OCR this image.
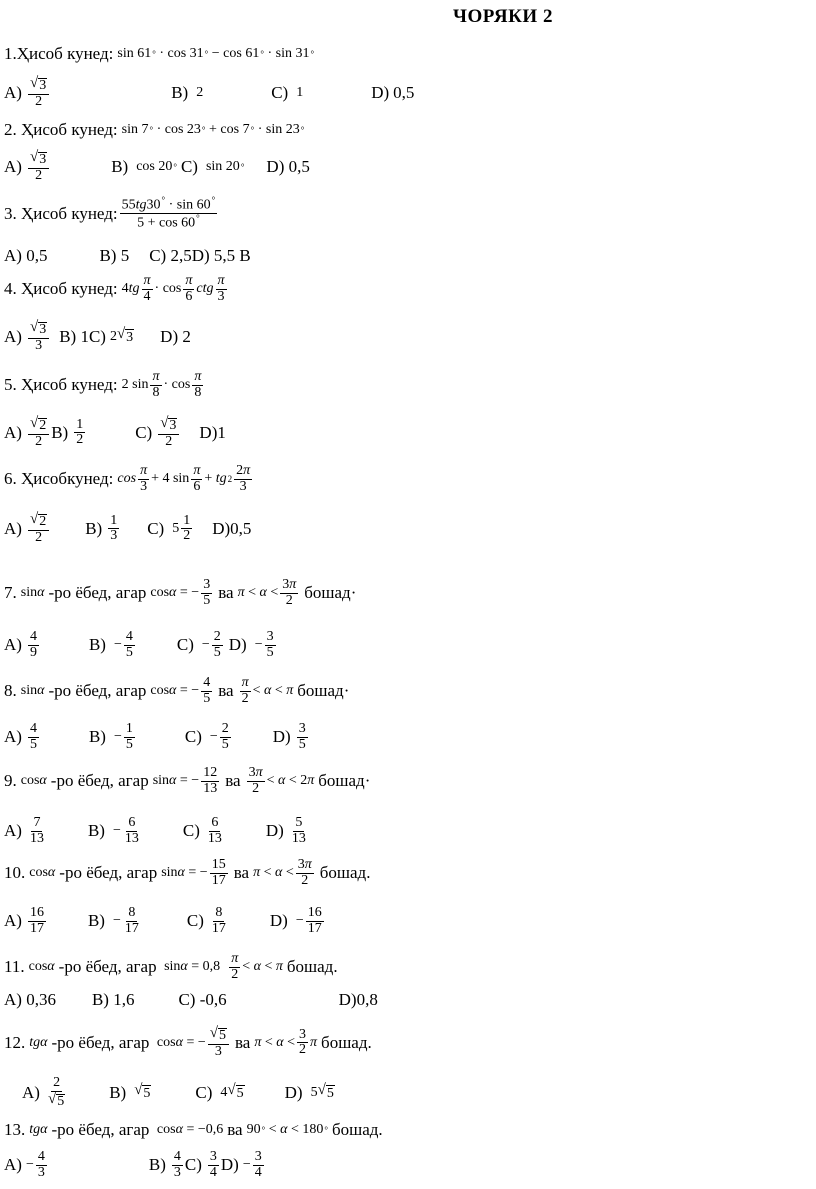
ЧОРЯКИ 2
1.Ҳисоб кунед: sin 61 ° · cos 31 ° − cos 61 ° · sin 31 °
$A) \frac{√ 3}{2}$	B) 2	C) 1	D) 0,5
2. Ҳисоб кунед: sin 7 ° · cos 23 ° + cos 7 ° · sin 23 °
$A) \frac{√ 3}{2}$	B) cos 20 ° C) sin 20 ° D) 0,5
3. Ҳисоб кунед: $\frac{55tg30^\circ \cdot \sin 60^\circ}{5 + \cos 60^\circ}$
A) 0,5	B) 5 C) 2,5D) 5,5 B
4. Ҳисоб кунед: 4 tg $\frac{\pi}{4} \cdot \cos \frac{\pi}{6}$ ctg $\frac{\pi}{3}$
$A) \frac{√ 3}{3} B$) 1C) 2 √ 3 D) 2
5. Ҳисоб кунед: 2 $\sin \frac{\pi}{8} \cdot \cos \frac{\pi}{8}$
$A) \frac{√ 2}{2} B) \frac{1}{2}$	$C) \frac{√ 3}{2} D)1$
6. Ҳисобкунед: $\cos \frac{\pi}{3} + 4$ $\sin \frac{\pi}{6}$ + tg $2 \frac{2\pi}{3}$
$A) \frac{√ 2}{2} B) \frac{1}{3} C$) $5 \frac{1}{2} D)0,5$
7. sin α -ро ёбед, агар cos α = − $\frac{3}{5}$ ва $\pi < \alpha < \frac{3\pi}{2}$ бошад ·
$A) \frac{4}{9}$	$B) - \frac{4}{5} C) - \frac{2}{5} D) - \frac{3}{5}$
8. sin α -ро ёбед, агар cos α = − $\frac{4}{5}$ ва $\frac{\pi}{2} < \alpha < \pi$ бошад ·
$A) \frac{4}{5}$	$B) - \frac{1}{5}$	$C) - \frac{2}{5} D) \frac{3}{5}$
9. cos α -ро ёбед, агар sin α = − $\frac{12}{13}$ ва $\frac{3\pi}{2} < \alpha < 2$ π бошад ·
$A) \frac{7}{13} B) - \frac{6}{13} C) \frac{6}{13} D) \frac{5}{13}$
10. cos α -ро ёбед, агар sin α = − $\frac{15}{17}$ ва $\pi < \alpha < \frac{3\pi}{2}$ бошад.
$A) \frac{16}{17} B) - \frac{8}{17}$	$C) \frac{8}{17} D) - \frac{16}{17}$
11. cos α -ро ёбед, агар $\sin \alpha = 0,8 \frac{\pi}{2} < \alpha < \pi$ бошад.
A) 0,36 B) 1,6	C) -0,6	D)0,8
12. tgα -ро ёбед, агар cos α = − $\frac{√ 5}{3}$ ва $\pi < \alpha < \frac{3}{2}$ π бошад.
$A) \frac{2}{√ 5} B$) √ 5	C) 4 √ 5 D) 5 √ 5
13. tgα -ро ёбед, агар cos α = −0,6 ва 90 ° < α < 180 ° бошад.
$A) - \frac{4}{3}$	$B) \frac{4}{3} C) \frac{3}{4} D) - \frac{3}{4}$
